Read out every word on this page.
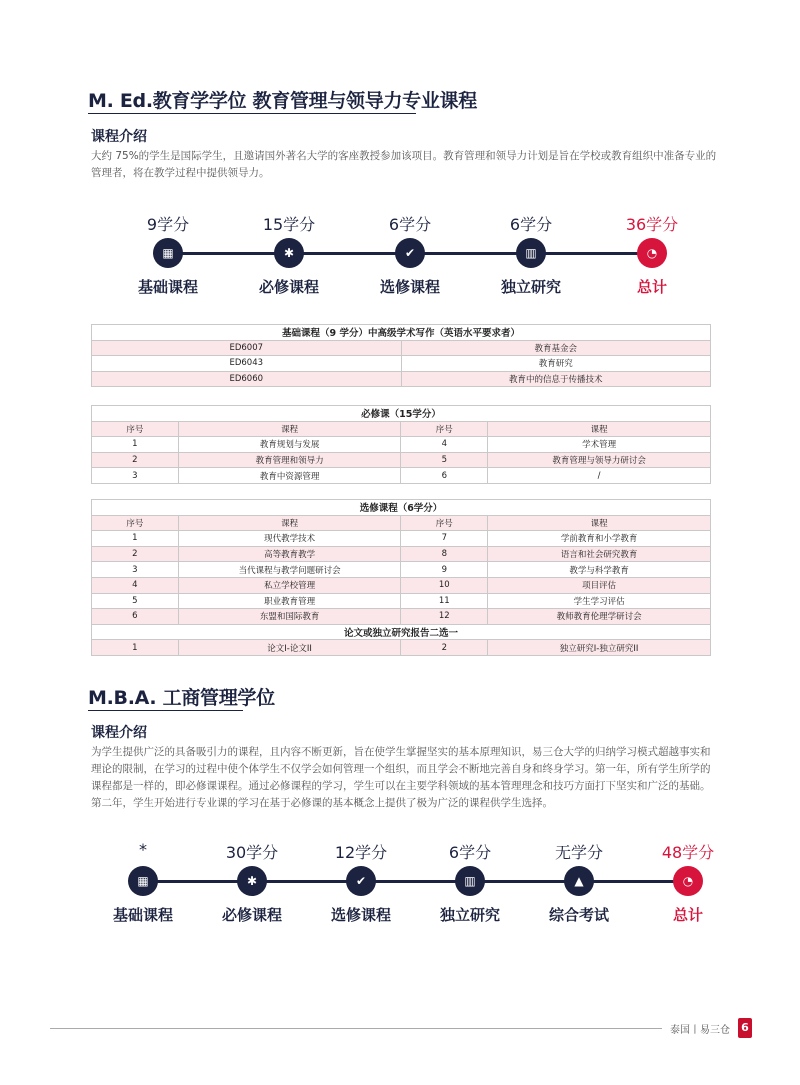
M. Ed.教育学学位 教育管理与领导力专业课程
课程介绍
大约 75%的学生是国际学生，且邀请国外著名大学的客座教授参加该项目。教育管理和领导力计划是旨在学校或教育组织中准备专业的管理者，将在教学过程中提供领导力。
9学分
▦
基础课程
15学分
✱
必修课程
6学分
✔
选修课程
6学分
▥
独立研究
36学分
◔
总计
基础课程（9 学分）中高级学术写作（英语水平要求者）	
ED6007	教育基金会
ED6043	教育研究
ED6060	教育中的信息于传播技术
必修课（15学分）			
序号	课程	序号	课程
1	教育规划与发展	4	学术管理
2	教育管理和领导力	5	教育管理与领导力研讨会
3	教育中资源管理	6	/
选修课程（6学分）			
序号	课程	序号	课程
1	现代教学技术	7	学前教育和小学教育
2	高等教育教学	8	语言和社会研究教育
3	当代课程与教学问题研讨会	9	教学与科学教育
4	私立学校管理	10	项目评估
5	职业教育管理	11	学生学习评估
6	东盟和国际教育	12	教师教育伦理学研讨会
论文或独立研究报告二选一			
1	论文I-论文II	2	独立研究I-独立研究II
M.B.A. 工商管理学位
课程介绍
为学生提供广泛的具备吸引力的课程，且内容不断更新，旨在使学生掌握坚实的基本原理知识，易三仓大学的归纳学习模式超越事实和理论的限制，在学习的过程中使个体学生不仅学会如何管理一个组织，而且学会不断地完善自身和终身学习。第一年，所有学生所学的课程都是一样的，即必修课课程。通过必修课程的学习，学生可以在主要学科领域的基本管理理念和技巧方面打下坚实和广泛的基础。第二年，学生开始进行专业课的学习在基于必修课的基本概念上提供了极为广泛的课程供学生选择。
*
▦
基础课程
30学分
✱
必修课程
12学分
✔
选修课程
6学分
▥
独立研究
无学分
▲
综合考试
48学分
◔
总计
泰国丨易三仓 6
